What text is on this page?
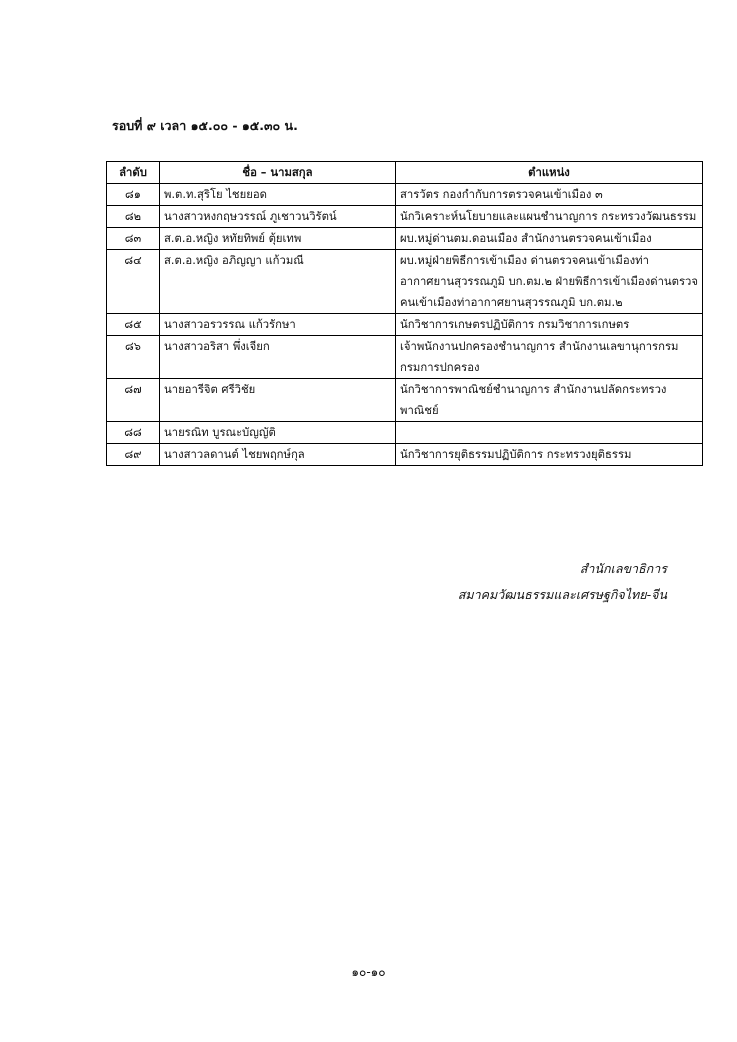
รอบที่ ๙ เวลา ๑๕.๐๐ - ๑๕.๓๐ น.
ลำดับ	ชื่อ – นามสกุล	ตำแหน่ง
๘๑	พ.ต.ท.สุริโย ไชยยอด	สารวัตร กองกำกับการตรวจคนเข้าเมือง ๓
๘๒	นางสาวหงกฤษวรรณ์ ภูเชาวนวิรัตน์	นักวิเคราะห์นโยบายและแผนชำนาญการ กระทรวงวัฒนธรรม
๘๓	ส.ต.อ.หญิง หทัยทิพย์ ตุ้ยเทพ	ผบ.หมู่ด่านตม.ดอนเมือง สำนักงานตรวจคนเข้าเมือง
๘๔	ส.ต.อ.หญิง อภิญญา แก้วมณี	ผบ.หมู่ฝ่ายพิธีการเข้าเมือง ด่านตรวจคนเข้าเมืองท่าอากาศยานสุวรรณภูมิ บก.ตม.๒ ฝ่ายพิธีการเข้าเมืองด่านตรวจคนเข้าเมืองท่าอากาศยานสุวรรณภูมิ บก.ตม.๒
๘๕	นางสาวอรวรรณ แก้วรักษา	นักวิชาการเกษตรปฏิบัติการ กรมวิชาการเกษตร
๘๖	นางสาวอริสา พึ่งเจียก	เจ้าพนักงานปกครองชำนาญการ สำนักงานเลขานุการกรม กรมการปกครอง
๘๗	นายอารีจิต ศรีวิชัย	นักวิชาการพาณิชย์ชำนาญการ สำนักงานปลัดกระทรวงพาณิชย์
๘๘	นายรณิท บูรณะบัญญัติ	
๘๙	นางสาวลดานต์ ไชยพฤกษ์กุล	นักวิชาการยุติธรรมปฏิบัติการ กระทรวงยุติธรรม
สำนักเลขาธิการ
สมาคมวัฒนธรรมและเศรษฐกิจไทย-จีน
๑๐-๑๐
